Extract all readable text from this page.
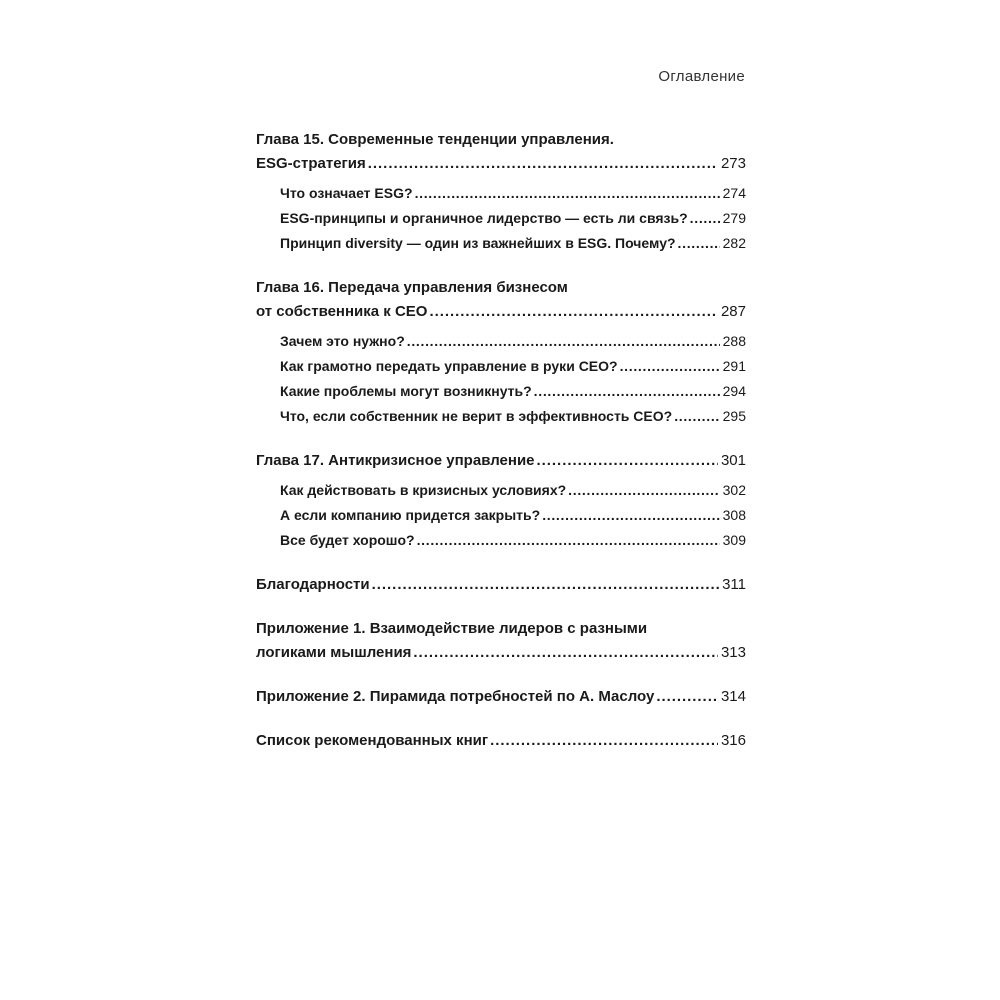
Оглавление
Глава 15. Современные тенденции управления.
ESG-стратегия . . .	273
Что означает ESG? . . .	274
ESG-принципы и органичное лидерство — есть ли связь? . . . 279
Принцип diversity — один из важнейших в ESG. Почему? . . .	282
Глава 16. Передача управления бизнесом
от собственника к CEO . . .	287
Зачем это нужно? . . .	288
Как грамотно передать управление в руки CEO? . . .	291
Какие проблемы могут возникнуть? . . .	294
Что, если собственник не верит в эффективность CEO? . . .	295
Глава 17. Антикризисное управление . . .	301
Как действовать в кризисных условиях? . . .	302
А если компанию придется закрыть? . . .	308
Все будет хорошо? . . .	309
Благодарности . . .	311
Приложение 1. Взаимодействие лидеров с разными
логиками мышления . . .	313
Приложение 2. Пирамида потребностей по А. Маслоу . . .	314
Список рекомендованных книг . . .	316
